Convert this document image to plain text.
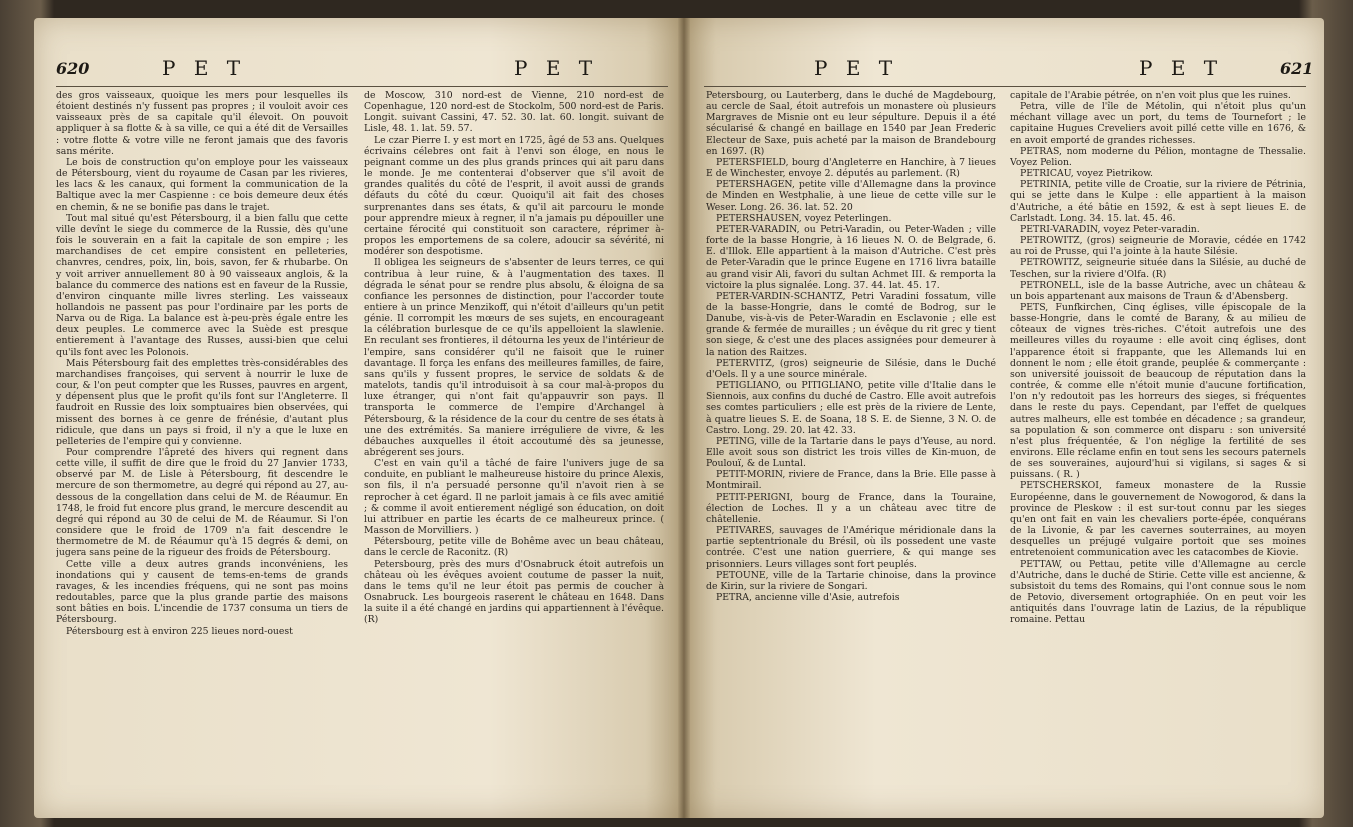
620	P E T	P E T

des gros vaisseaux, quoique les mers pour lesquelles ils étoient destinés n'y fussent pas propres ; il vouloit avoir ces vaisseaux près de sa capitale qu'il élevoit. On pouvoit appliquer à sa flotte & à sa ville, ce qui a été dit de Versailles : votre flotte & votre ville ne feront jamais que des favoris sans mérite.

Le bois de construction qu'on employe pour les vaisseaux de Pétersbourg, vient du royaume de Casan par les rivieres, les lacs & les canaux, qui forment la communication de la Baltique avec la mer Caspienne : ce bois demeure deux étés en chemin, & ne se bonifie pas dans le trajet.

Tout mal situé qu'est Pétersbourg, il a bien fallu que cette ville devînt le siege du commerce de la Russie, dès qu'une fois le souverain en a fait la capitale de son empire ; les marchandises de cet empire consistent en pelleteries, chanvres, cendres, poix, lin, bois, savon, fer & rhubarbe. On y voit arriver annuellement 80 à 90 vaisseaux anglois, & la balance du commerce des nations est en faveur de la Russie, d'environ cinquante mille livres sterling. Les vaisseaux hollandois ne passent pas pour l'ordinaire par les ports de Narva ou de Riga. La balance est à-peu-près égale entre les deux peuples. Le commerce avec la Suède est presque entierement à l'avantage des Russes, aussi-bien que celui qu'ils font avec les Polonois.

Mais Pétersbourg fait des emplettes très-considérables des marchandises françoises, qui servent à nourrir le luxe de cour, & l'on peut compter que les Russes, pauvres en argent, y dépensent plus que le profit qu'ils font sur l'Angleterre. Il faudroit en Russie des loix somptuaires bien observées, qui missent des bornes à ce genre de frénésie, d'autant plus ridicule, que dans un pays si froid, il n'y a que le luxe en pelleteries de l'empire qui y convienne.

Pour comprendre l'âpreté des hivers qui regnent dans cette ville, il suffit de dire que le froid du 27 Janvier 1733, observé par M. de Lisle à Pétersbourg, fit descendre le mercure de son thermometre, au degré qui répond au 27, au-dessous de la congellation dans celui de M. de Réaumur. En 1748, le froid fut encore plus grand, le mercure descendit au degré qui répond au 30 de celui de M. de Réaumur. Si l'on considere que le froid de 1709 n'a fait descendre le thermometre de M. de Réaumur qu'à 15 degrés & demi, on jugera sans peine de la rigueur des froids de Pétersbourg.

Cette ville a deux autres grands inconvéniens, les inondations qui y causent de tems-en-tems de grands ravages, & les incendies fréquens, qui ne sont pas moins redoutables, parce que la plus grande partie des maisons sont bâties en bois. L'incendie de 1737 consuma un tiers de Pétersbourg.

Pétersbourg est à environ 225 lieues nord-ouest

de Moscow, 310 nord-est de Vienne, 210 nord-est de Copenhague, 120 nord-est de Stockolm, 500 nord-est de Paris. Longit. suivant Cassini, 47. 52. 30. lat. 60. longit. suivant de Lisle, 48. 1. lat. 59. 57.

Le czar Pierre I. y est mort en 1725, âgé de 53 ans. Quelques écrivains célebres ont fait à l'envi son éloge, en nous le peignant comme un des plus grands princes qui ait paru dans le monde. Je me contenterai d'observer que s'il avoit de grandes qualités du côté de l'esprit, il avoit aussi de grands défauts du côté du cœur. Quoiqu'il ait fait des choses surprenantes dans ses états, & qu'il ait parcouru le monde pour apprendre mieux à regner, il n'a jamais pu dépouiller une certaine férocité qui constituoit son caractere, réprimer à-propos les emportemens de sa colere, adoucir sa sévérité, ni modérer son despotisme.

Il obligea les seigneurs de s'absenter de leurs terres, ce qui contribua à leur ruine, & à l'augmentation des taxes. Il dégrada le sénat pour se rendre plus absolu, & éloigna de sa confiance les personnes de distinction, pour l'accorder toute entiere à un prince Menzikoff, qui n'étoit d'ailleurs qu'un petit génie. Il corrompit les mœurs de ses sujets, en encourageant la célébration burlesque de ce qu'ils appelloient la slawlenie. En reculant ses frontieres, il détourna les yeux de l'intérieur de l'empire, sans considérer qu'il ne faisoit que le ruiner davantage. Il força les enfans des meilleures familles, de faire, sans qu'ils y fussent propres, le service de soldats & de matelots, tandis qu'il introduisoit à sa cour mal-à-propos du luxe étranger, qui n'ont fait qu'appauvrir son pays. Il transporta le commerce de l'empire d'Archangel à Pétersbourg, & la résidence de la cour du centre de ses états à une des extrémités. Sa maniere irréguliere de vivre, & les débauches auxquelles il étoit accoutumé dès sa jeunesse, abrégerent ses jours.

C'est en vain qu'il a tâché de faire l'univers juge de sa conduite, en publiant le malheureuse histoire du prince Alexis, son fils, il n'a persuadé personne qu'il n'avoit rien à se reprocher à cet égard. Il ne parloit jamais à ce fils avec amitié ; & comme il avoit entierement négligé son éducation, on doit lui attribuer en partie les écarts de ce malheureux prince. ( Masson de Morvilliers. )

Pétersbourg, petite ville de Bohême avec un beau château, dans le cercle de Raconitz. (R)

Petersbourg, près des murs d'Osnabruck étoit autrefois un château où les évêques avoient coutume de passer la nuit, dans le tems qu'il ne leur étoit pas permis de coucher à Osnabruck. Les bourgeois raserent le château en 1648. Dans la suite il a été changé en jardins qui appartiennent à l'évêque. (R)

P E T	P E T	621

Petersbourg, ou Lauterberg, dans le duché de Magdebourg, au cercle de Saal, étoit autrefois un monastere où plusieurs Margraves de Misnie ont eu leur sépulture. Depuis il a été sécularisé & changé en baillage en 1540 par Jean Frederic Electeur de Saxe, puis acheté par la maison de Brandebourg en 1697. (R)

PETERSFIELD, bourg d'Angleterre en Hanchire, à 7 lieues E de Winchester, envoye 2. députés au parlement. (R)

PETERSHAGEN, petite ville d'Allemagne dans la province de Minden en Westphalie, à une lieue de cette ville sur le Weser. Long. 26. 36. lat. 52. 20

PETERSHAUSEN, voyez Peterlingen.

PETER-VARADIN, ou Petri-Varadin, ou Peter-Waden ; ville forte de la basse Hongrie, à 16 lieues N. O. de Belgrade, 6. E. d'Illok. Elle appartient à la maison d'Autriche. C'est près de Peter-Varadin que le prince Eugene en 1716 livra bataille au grand visir Ali, favori du sultan Achmet III. & remporta la victoire la plus signalée. Long. 37. 44. lat. 45. 17.

PETER-VARDIN-SCHANTZ, Petri Varadini fossatum, ville de la basse-Hongrie, dans le comté de Bodrog, sur le Danube, vis-à-vis de Peter-Waradin en Esclavonie ; elle est grande & fermée de murailles ; un évêque du rit grec y tient son siege, & c'est une des places assignées pour demeurer à la nation des Raitzes.

PETERVITZ, (gros) seigneurie de Silésie, dans le Duché d'Oels. Il y a une source minérale.

PETIGLIANO, ou PITIGLIANO, petite ville d'Italie dans le Siennois, aux confins du duché de Castro. Elle avoit autrefois ses comtes particuliers ; elle est près de la riviere de Lente, à quatre lieues S. E. de Soana, 18 S. E. de Sienne, 3 N. O. de Castro. Long. 29. 20. lat 42. 33.

PETING, ville de la Tartarie dans le pays d'Yeuse, au nord. Elle avoit sous son district les trois villes de Kin-muon, de Poulouï, & de Luntal.

PETIT-MORIN, riviere de France, dans la Brie. Elle passe à Montmirail.

PETIT-PERIGNI, bourg de France, dans la Touraine, élection de Loches. Il y a un château avec titre de châtellenie.

PETIVARES, sauvages de l'Amérique méridionale dans la partie septentrionale du Brésil, où ils possedent une vaste contrée. C'est une nation guerriere, & qui mange ses prisonniers. Leurs villages sont fort peuplés.

PETOUNE, ville de la Tartarie chinoise, dans la province de Kirin, sur la riviere de Songari.

PETRA, ancienne ville d'Asie, autrefois

capitale de l'Arabie pétrée, on n'en voit plus que les ruines.

Petra, ville de l'île de Métolin, qui n'étoit plus qu'un méchant village avec un port, du tems de Tournefort ; le capitaine Hugues Creveliers avoit pillé cette ville en 1676, & en avoit emporté de grandes richesses.

PETRAS, nom moderne du Pélion, montagne de Thessalie. Voyez Pelion.

PETRICAU, voyez Pietrikow.

PETRINIA, petite ville de Croatie, sur la riviere de Pétrinia, qui se jette dans le Kulpe : elle appartient à la maison d'Autriche, a été bâtie en 1592, & est à sept lieues E. de Carlstadt. Long. 34. 15. lat. 45. 46.

PETRI-VARADIN, voyez Peter-varadin.

PETROWITZ, (gros) seigneurie de Moravie, cédée en 1742 au roi de Prusse, qui l'a jointe à la haute Silésie.

PETROWITZ, seigneurie située dans la Silésie, au duché de Teschen, sur la riviere d'Olfa. (R)

PETRONELL, isle de la basse Autriche, avec un château & un bois appartenant aux maisons de Traun & d'Abensberg.

PETS, Funfkirchen, Cinq églises, ville épiscopale de la basse-Hongrie, dans le comté de Barany, & au milieu de côteaux de vignes très-riches. C'étoit autrefois une des meilleures villes du royaume : elle avoit cinq églises, dont l'apparence étoit si frappante, que les Allemands lui en donnent le nom ; elle étoit grande, peuplée & commerçante : son université jouissoit de beaucoup de réputation dans la contrée, & comme elle n'étoit munie d'aucune fortification, l'on n'y redoutoit pas les horreurs des sieges, si fréquentes dans le reste du pays. Cependant, par l'effet de quelques autres malheurs, elle est tombée en décadence ; sa grandeur, sa population & son commerce ont disparu : son université n'est plus fréquentée, & l'on néglige la fertilité de ses environs. Elle réclame enfin en tout sens les secours paternels de ses souveraines, aujourd'hui si vigilans, si sages & si puissans. ( R. )

PETSCHERSKOI, fameux monastere de la Russie Européenne, dans le gouvernement de Nowogorod, & dans la province de Pleskow : il est sur-tout connu par les sieges qu'en ont fait en vain les chevaliers porte-épée, conquérans de la Livonie, & par les cavernes souterraines, au moyen desquelles un préjugé vulgaire portoit que ses moines entretenoient communication avec les catacombes de Kiovie.

PETTAW, ou Pettau, petite ville d'Allemagne au cercle d'Autriche, dans le duché de Stirie. Cette ville est ancienne, & subsistoit du tems des Romains, qui l'ont connue sous le nom de Petovio, diversement ortographiée. On en peut voir les antiquités dans l'ouvrage latin de Lazius, de la république romaine. Pettau
